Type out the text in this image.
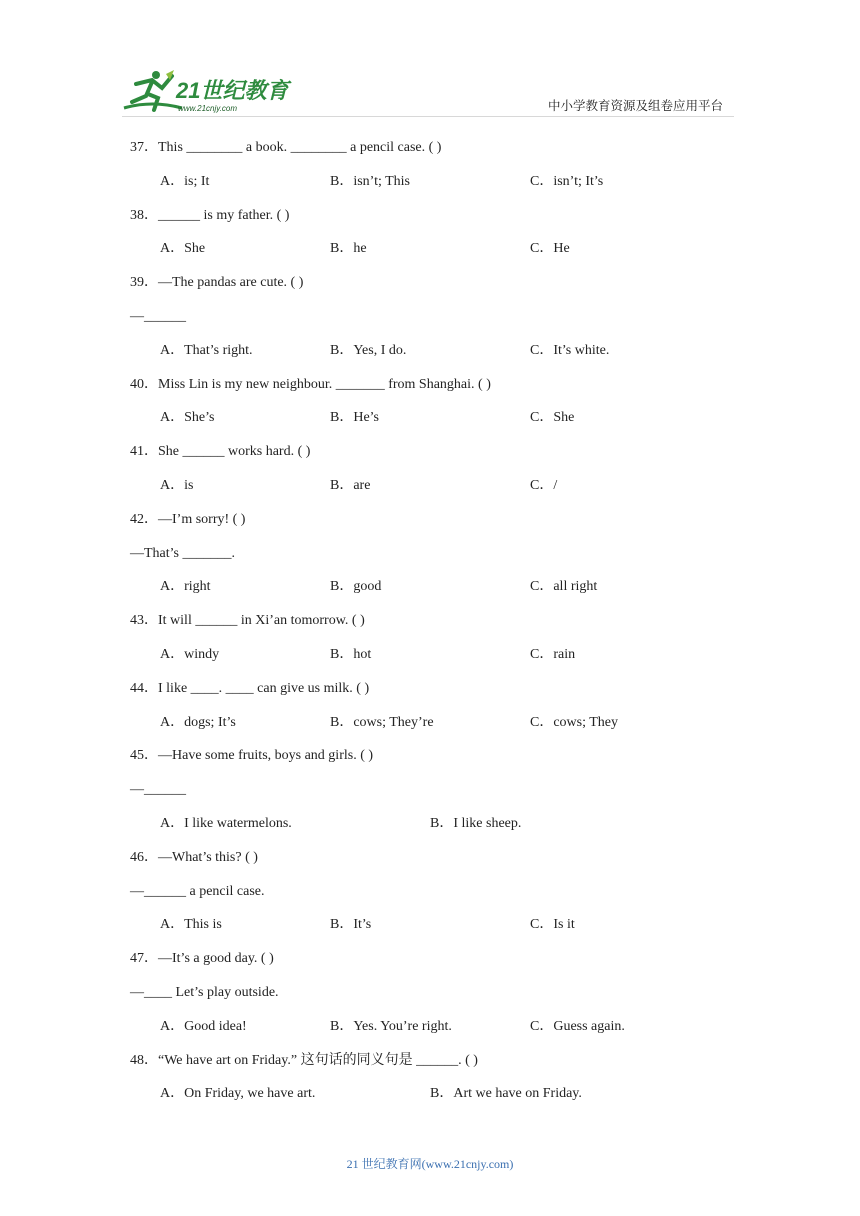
21世纪教育
www.21cnjy.com	中小学教育资源及组卷应用平台
37．This ________ a book. ________ a pencil case. ( )
A．is; It	B．isn’t; This	C．isn’t; It’s
38．______ is my father. ( )
A．She	B．he	C．He
39．—The pandas are cute. ( )
—______
A．That’s right.	B．Yes, I do.	C．It’s white.
40．Miss Lin is my new neighbour. _______ from Shanghai. ( )
A．She’s	B．He’s	C．She
41．She ______ works hard. ( )
A．is	B．are	C．/
42．—I’m sorry! ( )
—That’s _______.
A．right	B．good	C．all right
43．It will ______ in Xi’an tomorrow. ( )
A．windy	B．hot	C．rain
44．I like ____. ____ can give us milk. ( )
A．dogs; It’s	B．cows; They’re	C．cows; They
45．—Have some fruits, boys and girls. ( )
—______
A．I like watermelons.	B．I like sheep.
46．—What’s this? ( )
—______ a pencil case.
A．This is	B．It’s	C．Is it
47．—It’s a good day. ( )
—____ Let’s play outside.
A．Good idea!	B．Yes. You’re right.	C．Guess again.
48．“We have art on Friday.” 这句话的同义句是 ______. ( )
A．On Friday, we have art.	B．Art we have on Friday.
21 世纪教育网(www.21cnjy.com)
